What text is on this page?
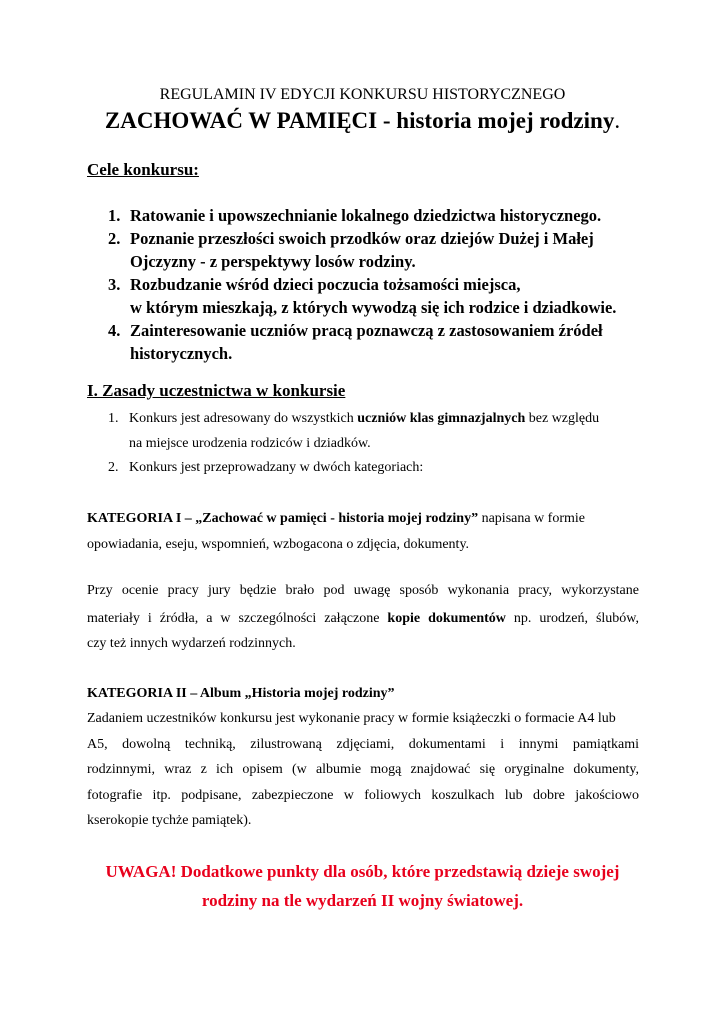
REGULAMIN IV EDYCJI KONKURSU HISTORYCZNEGO
ZACHOWAĆ W PAMIĘCI - historia mojej rodziny.
Cele konkursu:
1. Ratowanie i upowszechnianie lokalnego dziedzictwa historycznego.
2. Poznanie przeszłości swoich przodków oraz dziejów Dużej i Małej
Ojczyzny - z perspektywy losów rodziny.
3. Rozbudzanie wśród dzieci poczucia tożsamości miejsca,
w którym mieszkają, z których wywodzą się ich rodzice i dziadkowie.
4. Zainteresowanie uczniów pracą poznawczą z zastosowaniem źródeł
historycznych.
I. Zasady uczestnictwa w konkursie
1. Konkurs jest adresowany do wszystkich uczniów klas gimnazjalnych bez względu
na miejsce urodzenia rodziców i dziadków.
2. Konkurs jest przeprowadzany w dwóch kategoriach:
KATEGORIA I – „Zachować w pamięci - historia mojej rodziny” napisana w formie
opowiadania, eseju, wspomnień, wzbogacona o zdjęcia, dokumenty.
Przy ocenie pracy jury będzie brało pod uwagę sposób wykonania pracy, wykorzystane
materiały i źródła, a w szczególności załączone kopie dokumentów np. urodzeń, ślubów,
czy też innych wydarzeń rodzinnych.
KATEGORIA II – Album „Historia mojej rodziny”
Zadaniem uczestników konkursu jest wykonanie pracy w formie książeczki o formacie A4 lub
A5, dowolną techniką, zilustrowaną zdjęciami, dokumentami i innymi pamiątkami
rodzinnymi, wraz z ich opisem (w albumie mogą znajdować się oryginalne dokumenty,
fotografie itp. podpisane, zabezpieczone w foliowych koszulkach lub dobre jakościowo
kserokopie tychże pamiątek).
UWAGA! Dodatkowe punkty dla osób, które przedstawią dzieje swojej
rodziny na tle wydarzeń II wojny światowej.
